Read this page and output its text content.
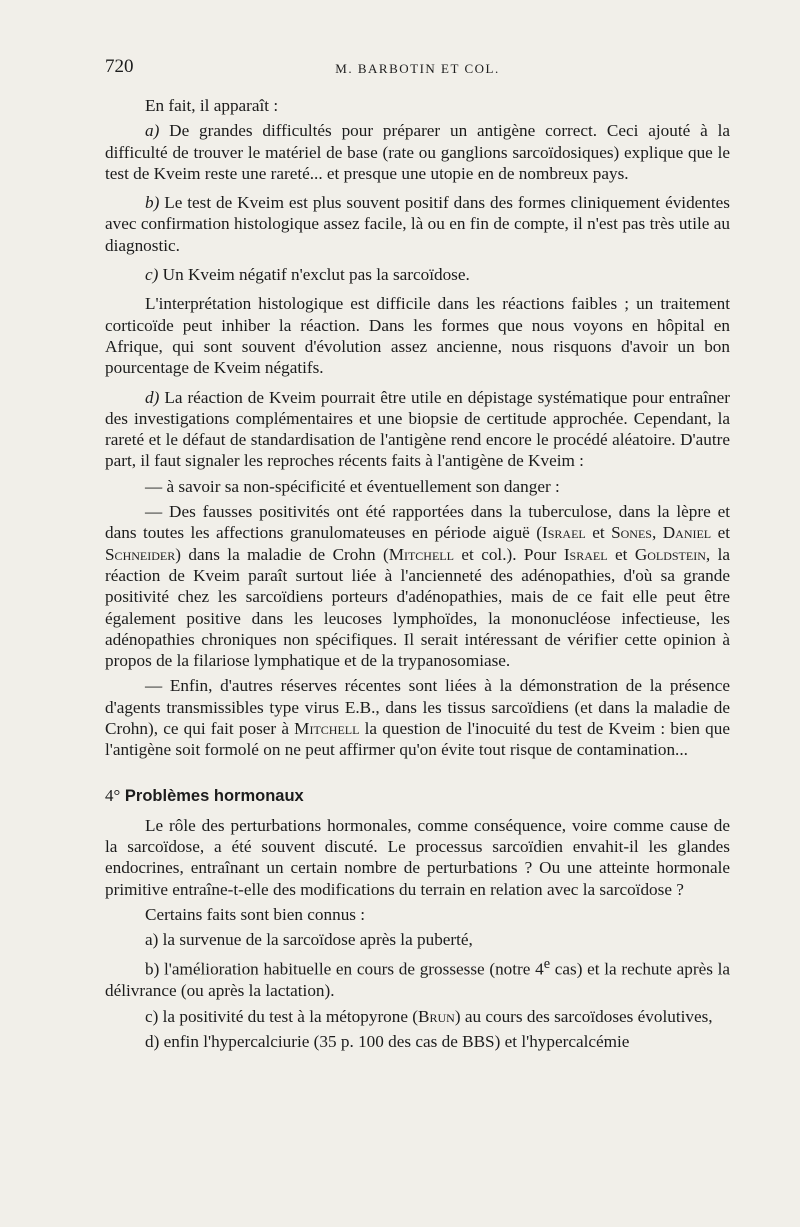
720	M. BARBOTIN ET COL.

En fait, il apparaît :

a) De grandes difficultés pour préparer un antigène correct. Ceci ajouté à la difficulté de trouver le matériel de base (rate ou ganglions sarcoïdosiques) explique que le test de Kveim reste une rareté... et presque une utopie en de nombreux pays.

b) Le test de Kveim est plus souvent positif dans des formes cliniquement évidentes avec confirmation histologique assez facile, là ou en fin de compte, il n'est pas très utile au diagnostic.

c) Un Kveim négatif n'exclut pas la sarcoïdose.

L'interprétation histologique est difficile dans les réactions faibles ; un traitement corticoïde peut inhiber la réaction. Dans les formes que nous voyons en hôpital en Afrique, qui sont souvent d'évolution assez ancienne, nous risquons d'avoir un bon pourcentage de Kveim négatifs.

d) La réaction de Kveim pourrait être utile en dépistage systématique pour entraîner des investigations complémentaires et une biopsie de certitude approchée. Cependant, la rareté et le défaut de standardisation de l'antigène rend encore le procédé aléatoire. D'autre part, il faut signaler les reproches récents faits à l'antigène de Kveim :

— à savoir sa non-spécificité et éventuellement son danger :

— Des fausses positivités ont été rapportées dans la tuberculose, dans la lèpre et dans toutes les affections granulomateuses en période aiguë (Israel et Sones, Daniel et Schneider) dans la maladie de Crohn (Mitchell et col.). Pour Israel et Goldstein, la réaction de Kveim paraît surtout liée à l'ancienneté des adénopathies, d'où sa grande positivité chez les sarcoïdiens porteurs d'adénopathies, mais de ce fait elle peut être également positive dans les leucoses lymphoïdes, la mononucléose infectieuse, les adénopathies chroniques non spécifiques. Il serait intéressant de vérifier cette opinion à propos de la filariose lymphatique et de la trypanosomiase.

— Enfin, d'autres réserves récentes sont liées à la démonstration de la présence d'agents transmissibles type virus E.B., dans les tissus sarcoïdiens (et dans la maladie de Crohn), ce qui fait poser à Mitchell la question de l'inocuité du test de Kveim : bien que l'antigène soit formolé on ne peut affirmer qu'on évite tout risque de contamination...

4° Problèmes hormonaux

Le rôle des perturbations hormonales, comme conséquence, voire comme cause de la sarcoïdose, a été souvent discuté. Le processus sarcoïdien envahit-il les glandes endocrines, entraînant un certain nombre de perturbations ? Ou une atteinte hormonale primitive entraîne-t-elle des modifications du terrain en relation avec la sarcoïdose ?

Certains faits sont bien connus :

a) la survenue de la sarcoïdose après la puberté,

b) l'amélioration habituelle en cours de grossesse (notre 4e cas) et la rechute après la délivrance (ou après la lactation).

c) la positivité du test à la métopyrone (Brun) au cours des sarcoïdoses évolutives,

d) enfin l'hypercalciurie (35 p. 100 des cas de BBS) et l'hypercalcémie
